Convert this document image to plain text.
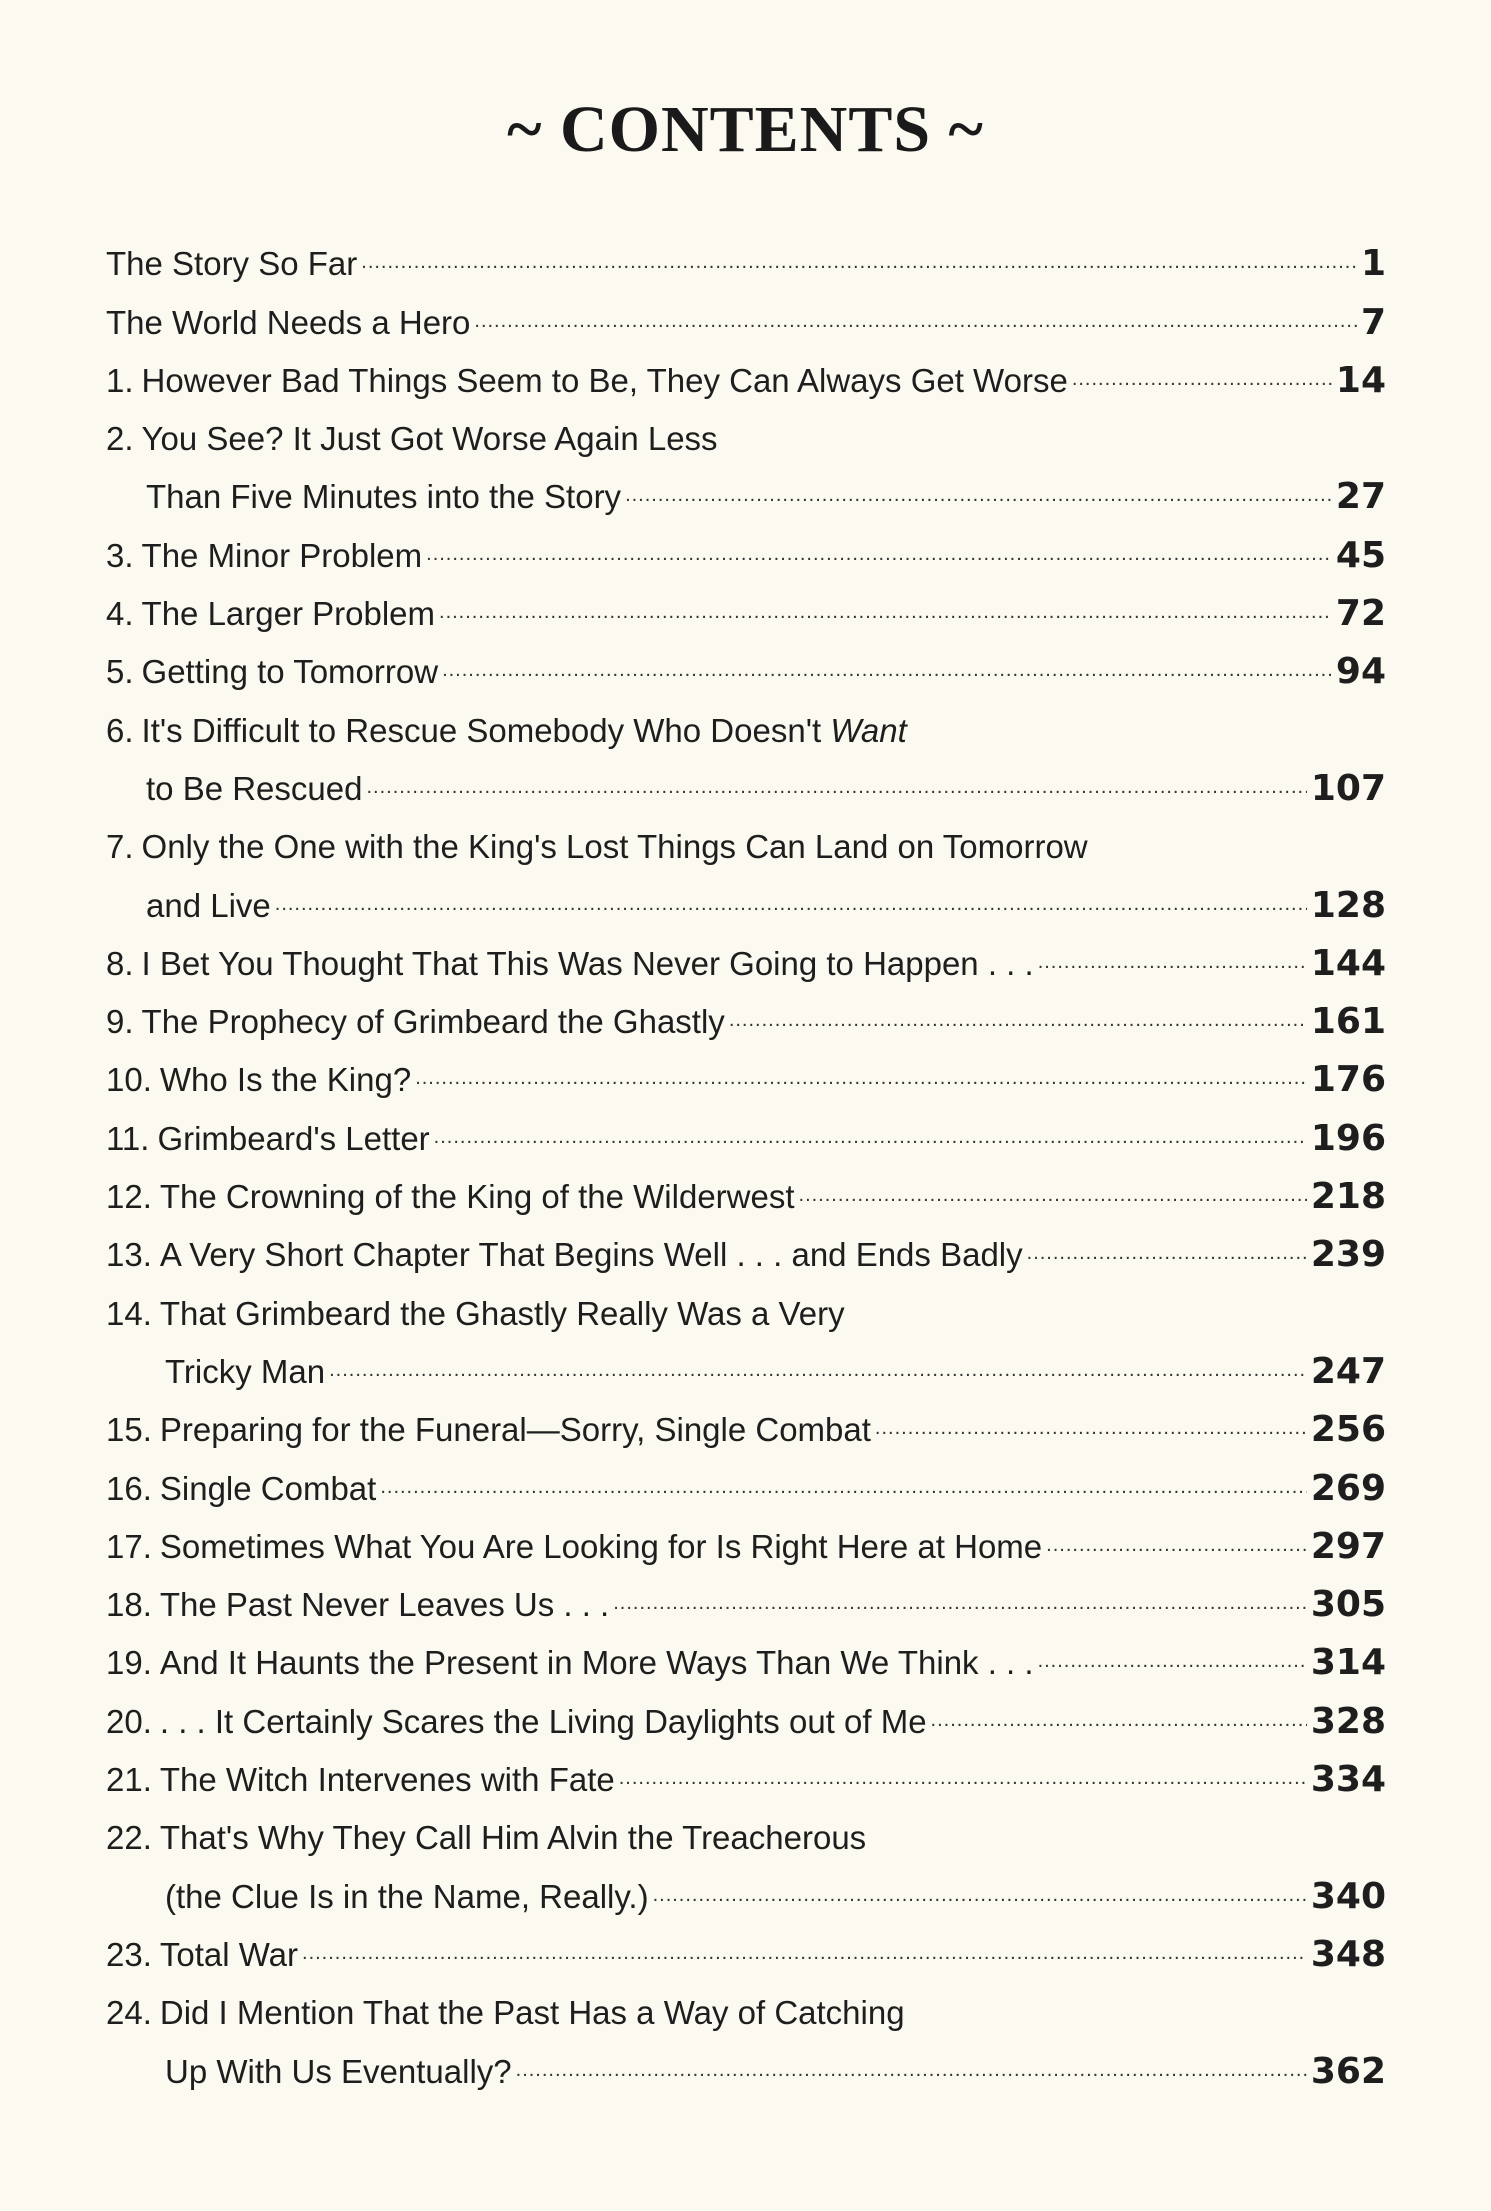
~ CONTENTS ~
The Story So Far .....	1
The World Needs a Hero .....	7
1. However Bad Things Seem to Be, They Can Always Get Worse .....	14
2. You See? It Just Got Worse Again Less
Than Five Minutes into the Story .....	27
3. The Minor Problem .....	45
4. The Larger Problem .....	72
5. Getting to Tomorrow .....	94
6. It's Difficult to Rescue Somebody Who Doesn't Want
to Be Rescued .....	107
7. Only the One with the King's Lost Things Can Land on Tomorrow
and Live .....	128
8. I Bet You Thought That This Was Never Going to Happen . . . .....	144
9. The Prophecy of Grimbeard the Ghastly .....	161
10. Who Is the King? .....	176
11. Grimbeard's Letter .....	196
12. The Crowning of the King of the Wilderwest .....	218
13. A Very Short Chapter That Begins Well . . . and Ends Badly .....	239
14. That Grimbeard the Ghastly Really Was a Very
Tricky Man .....	247
15. Preparing for the Funeral—Sorry, Single Combat .....	256
16. Single Combat .....	269
17. Sometimes What You Are Looking for Is Right Here at Home .....	297
18. The Past Never Leaves Us . . . .....	305
19. And It Haunts the Present in More Ways Than We Think . . . .....	314
20. . . . It Certainly Scares the Living Daylights out of Me .....	328
21. The Witch Intervenes with Fate .....	334
22. That's Why They Call Him Alvin the Treacherous
(the Clue Is in the Name, Really.) .....	340
23. Total War .....	348
24. Did I Mention That the Past Has a Way of Catching
Up With Us Eventually? .....	362
